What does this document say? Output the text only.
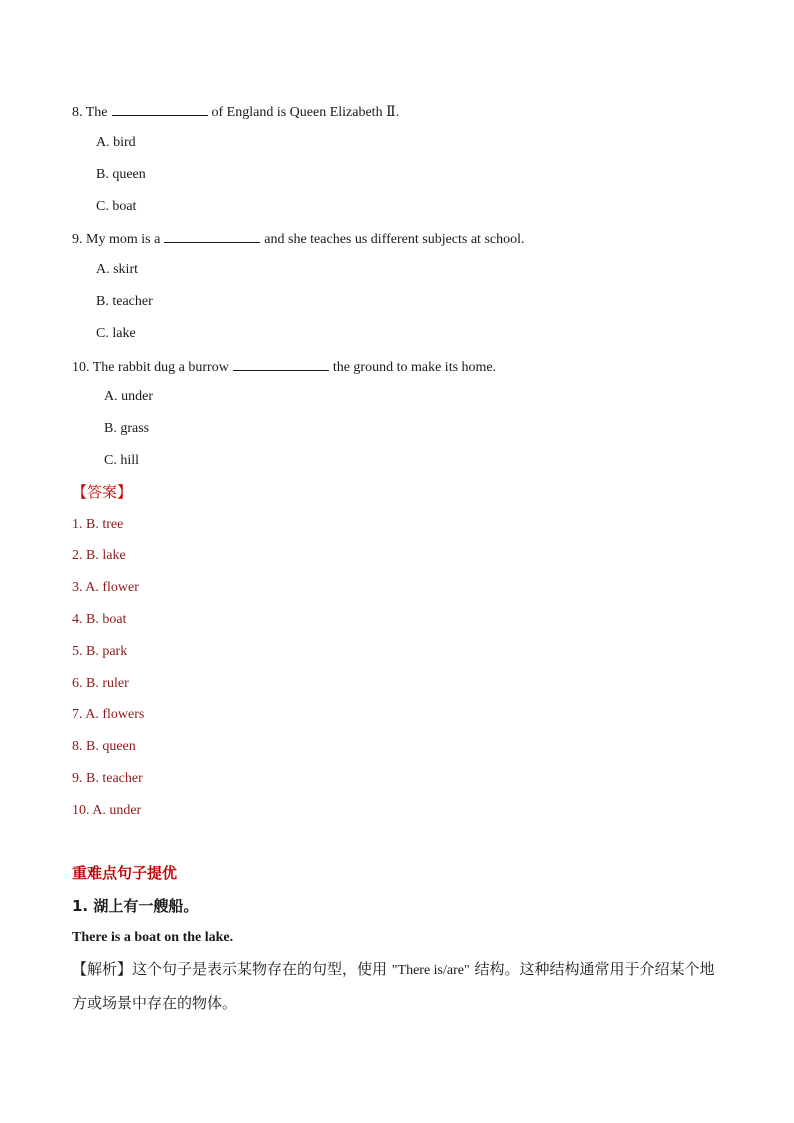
8. The	of England is Queen Elizabeth Ⅱ.
A. bird
B. queen
C. boat
9. My mom is a	and she teaches us different subjects at school.
A. skirt
B. teacher
C. lake
10. The rabbit dug a burrow	the ground to make its home.
A. under
B. grass
C. hill
【答案】
1. B. tree
2. B. lake
3. A. flower
4. B. boat
5. B. park
6. B. ruler
7. A. flowers
8. B. queen
9. B. teacher
10. A. under
重难点句子提优
1. 湖上有一艘船。
There is a boat on the lake.
【解析】这个句子是表示某物存在的句型，使用 "There is/are" 结构。这种结构通常用于介绍某个地方或场景中存在的物体。
